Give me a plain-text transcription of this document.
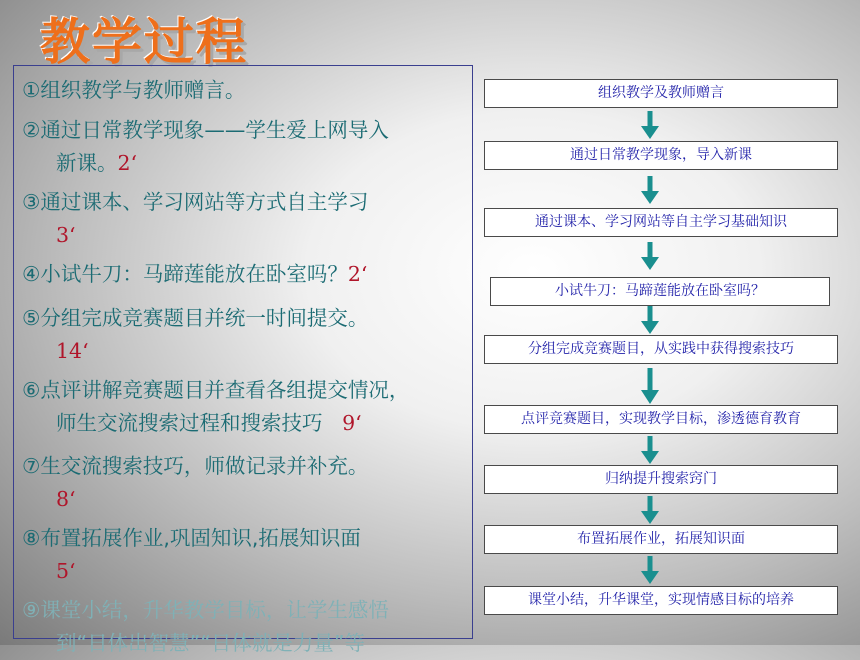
教学过程
①组织教学与教师赠言。
②通过日常教学现象——学生爱上网导入
新课。2‘
③通过课本、学习网站等方式自主学习
3‘
④小试牛刀：马蹄莲能放在卧室吗？2‘
⑤分组完成竞赛题目并统一时间提交。
14‘
⑥点评讲解竞赛题目并查看各组提交情况，
师生交流搜索过程和搜索技巧 9‘
⑦生交流搜索技巧，师做记录并补充。
8‘
⑧布置拓展作业,巩固知识,拓展知识面
5‘
⑨课堂小结，升华教学目标，让学生感悟
到“日体出智慧”“日体就是力量”等
组织教学及教师赠言
通过日常教学现象，导入新课
通过课本、学习网站等自主学习基础知识
小试牛刀：马蹄莲能放在卧室吗？
分组完成竞赛题目，从实践中获得搜索技巧
点评竞赛题目，实现教学目标，渗透德育教育
归纳提升搜索窍门
布置拓展作业，拓展知识面
课堂小结，升华课堂，实现情感目标的培养
